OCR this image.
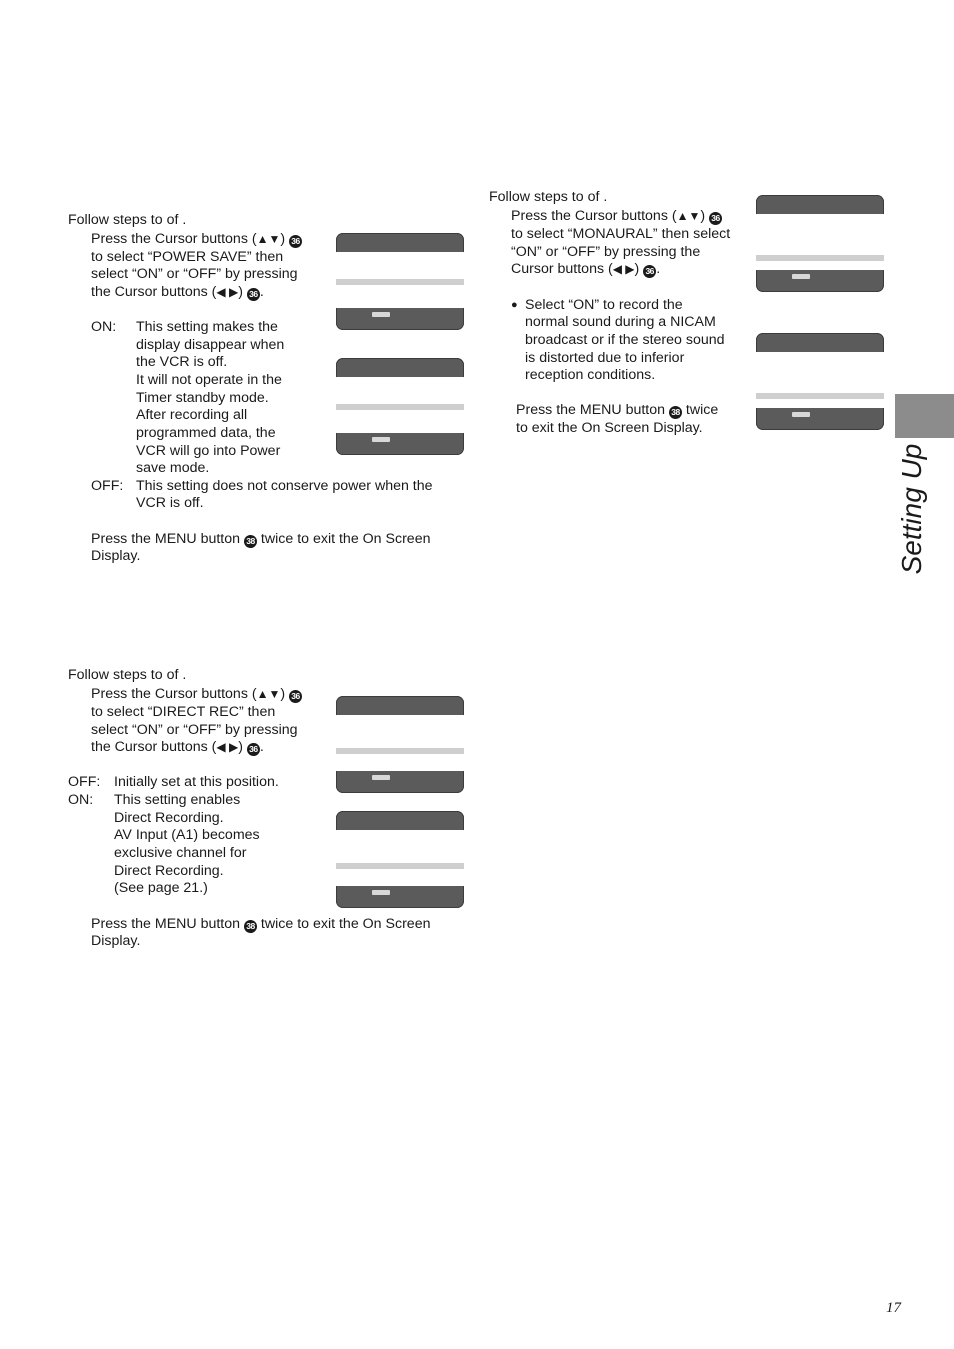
Follow steps to of .
Press the Cursor buttons (▲▼) 36
to select “POWER SAVE” then
select “ON” or “OFF” by pressing
the Cursor buttons (◀ ▶) 36 .
ON: This setting makes the
display disappear when
the VCR is off.
It will not operate in the
Timer standby mode.
After recording all
programmed data, the
VCR will go into Power
save mode.
OFF: This setting does not conserve power when the
VCR is off.
Press the MENU button 38 twice to exit the On Screen
Display.
Follow steps to of .
Press the Cursor buttons (▲▼) 36
to select “DIRECT REC” then
select “ON” or “OFF” by pressing
the Cursor buttons (◀ ▶) 36 .
OFF: Initially set at this position.
ON: This setting enables
Direct Recording.
AV Input (A1) becomes
exclusive channel for
Direct Recording.
(See page 21.)
Press the MENU button 38 twice to exit the On Screen
Display.
Follow steps to of .
Press the Cursor buttons (▲▼) 36
to select “MONAURAL” then select
“ON” or “OFF” by pressing the
Cursor buttons (◀ ▶) 36 .
● Select “ON” to record the
normal sound during a NICAM
broadcast or if the stereo sound
is distorted due to inferior
reception conditions.
Press the MENU button 38 twice
to exit the On Screen Display.
Setting Up
17
